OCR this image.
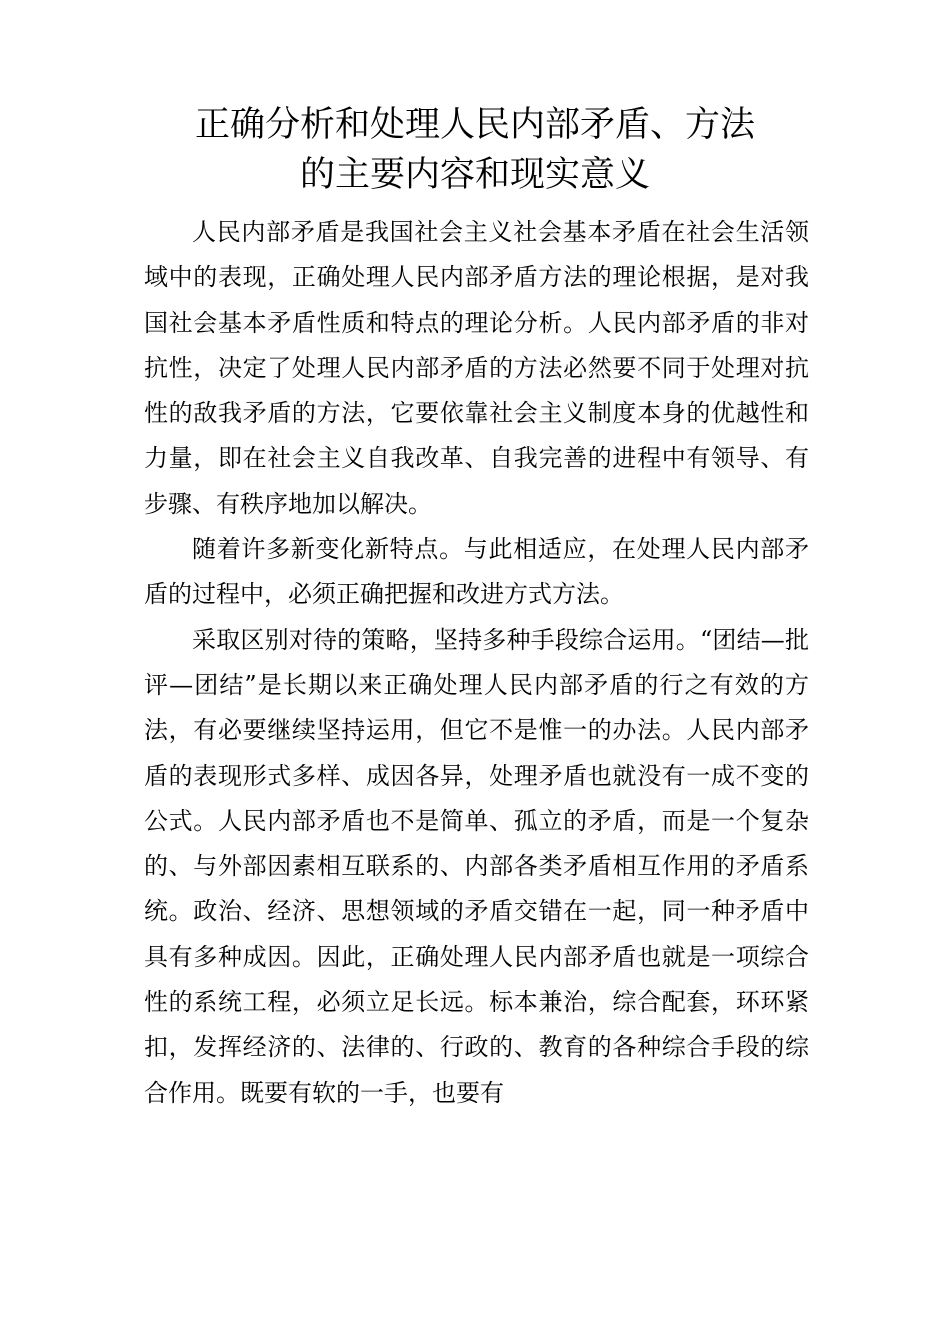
正确分析和处理人民内部矛盾、方法
的主要内容和现实意义

人民内部矛盾是我国社会主义社会基本矛盾在社会生活领域中的表现，正确处理人民内部矛盾方法的理论根据，是对我国社会基本矛盾性质和特点的理论分析。人民内部矛盾的非对抗性，决定了处理人民内部矛盾的方法必然要不同于处理对抗性的敌我矛盾的方法，它要依靠社会主义制度本身的优越性和力量，即在社会主义自我改革、自我完善的进程中有领导、有步骤、有秩序地加以解决。

随着许多新变化新特点。与此相适应，在处理人民内部矛盾的过程中，必须正确把握和改进方式方法。

采取区别对待的策略，坚持多种手段综合运用。“团结—批评—团结”是长期以来正确处理人民内部矛盾的行之有效的方法，有必要继续坚持运用，但它不是惟一的办法。人民内部矛盾的表现形式多样、成因各异，处理矛盾也就没有一成不变的公式。人民内部矛盾也不是简单、孤立的矛盾，而是一个复杂的、与外部因素相互联系的、内部各类矛盾相互作用的矛盾系统。政治、经济、思想领域的矛盾交错在一起，同一种矛盾中具有多种成因。因此，正确处理人民内部矛盾也就是一项综合性的系统工程，必须立足长远。标本兼治，综合配套，环环紧扣，发挥经济的、法律的、行政的、教育的各种综合手段的综合作用。既要有软的一手，也要有
